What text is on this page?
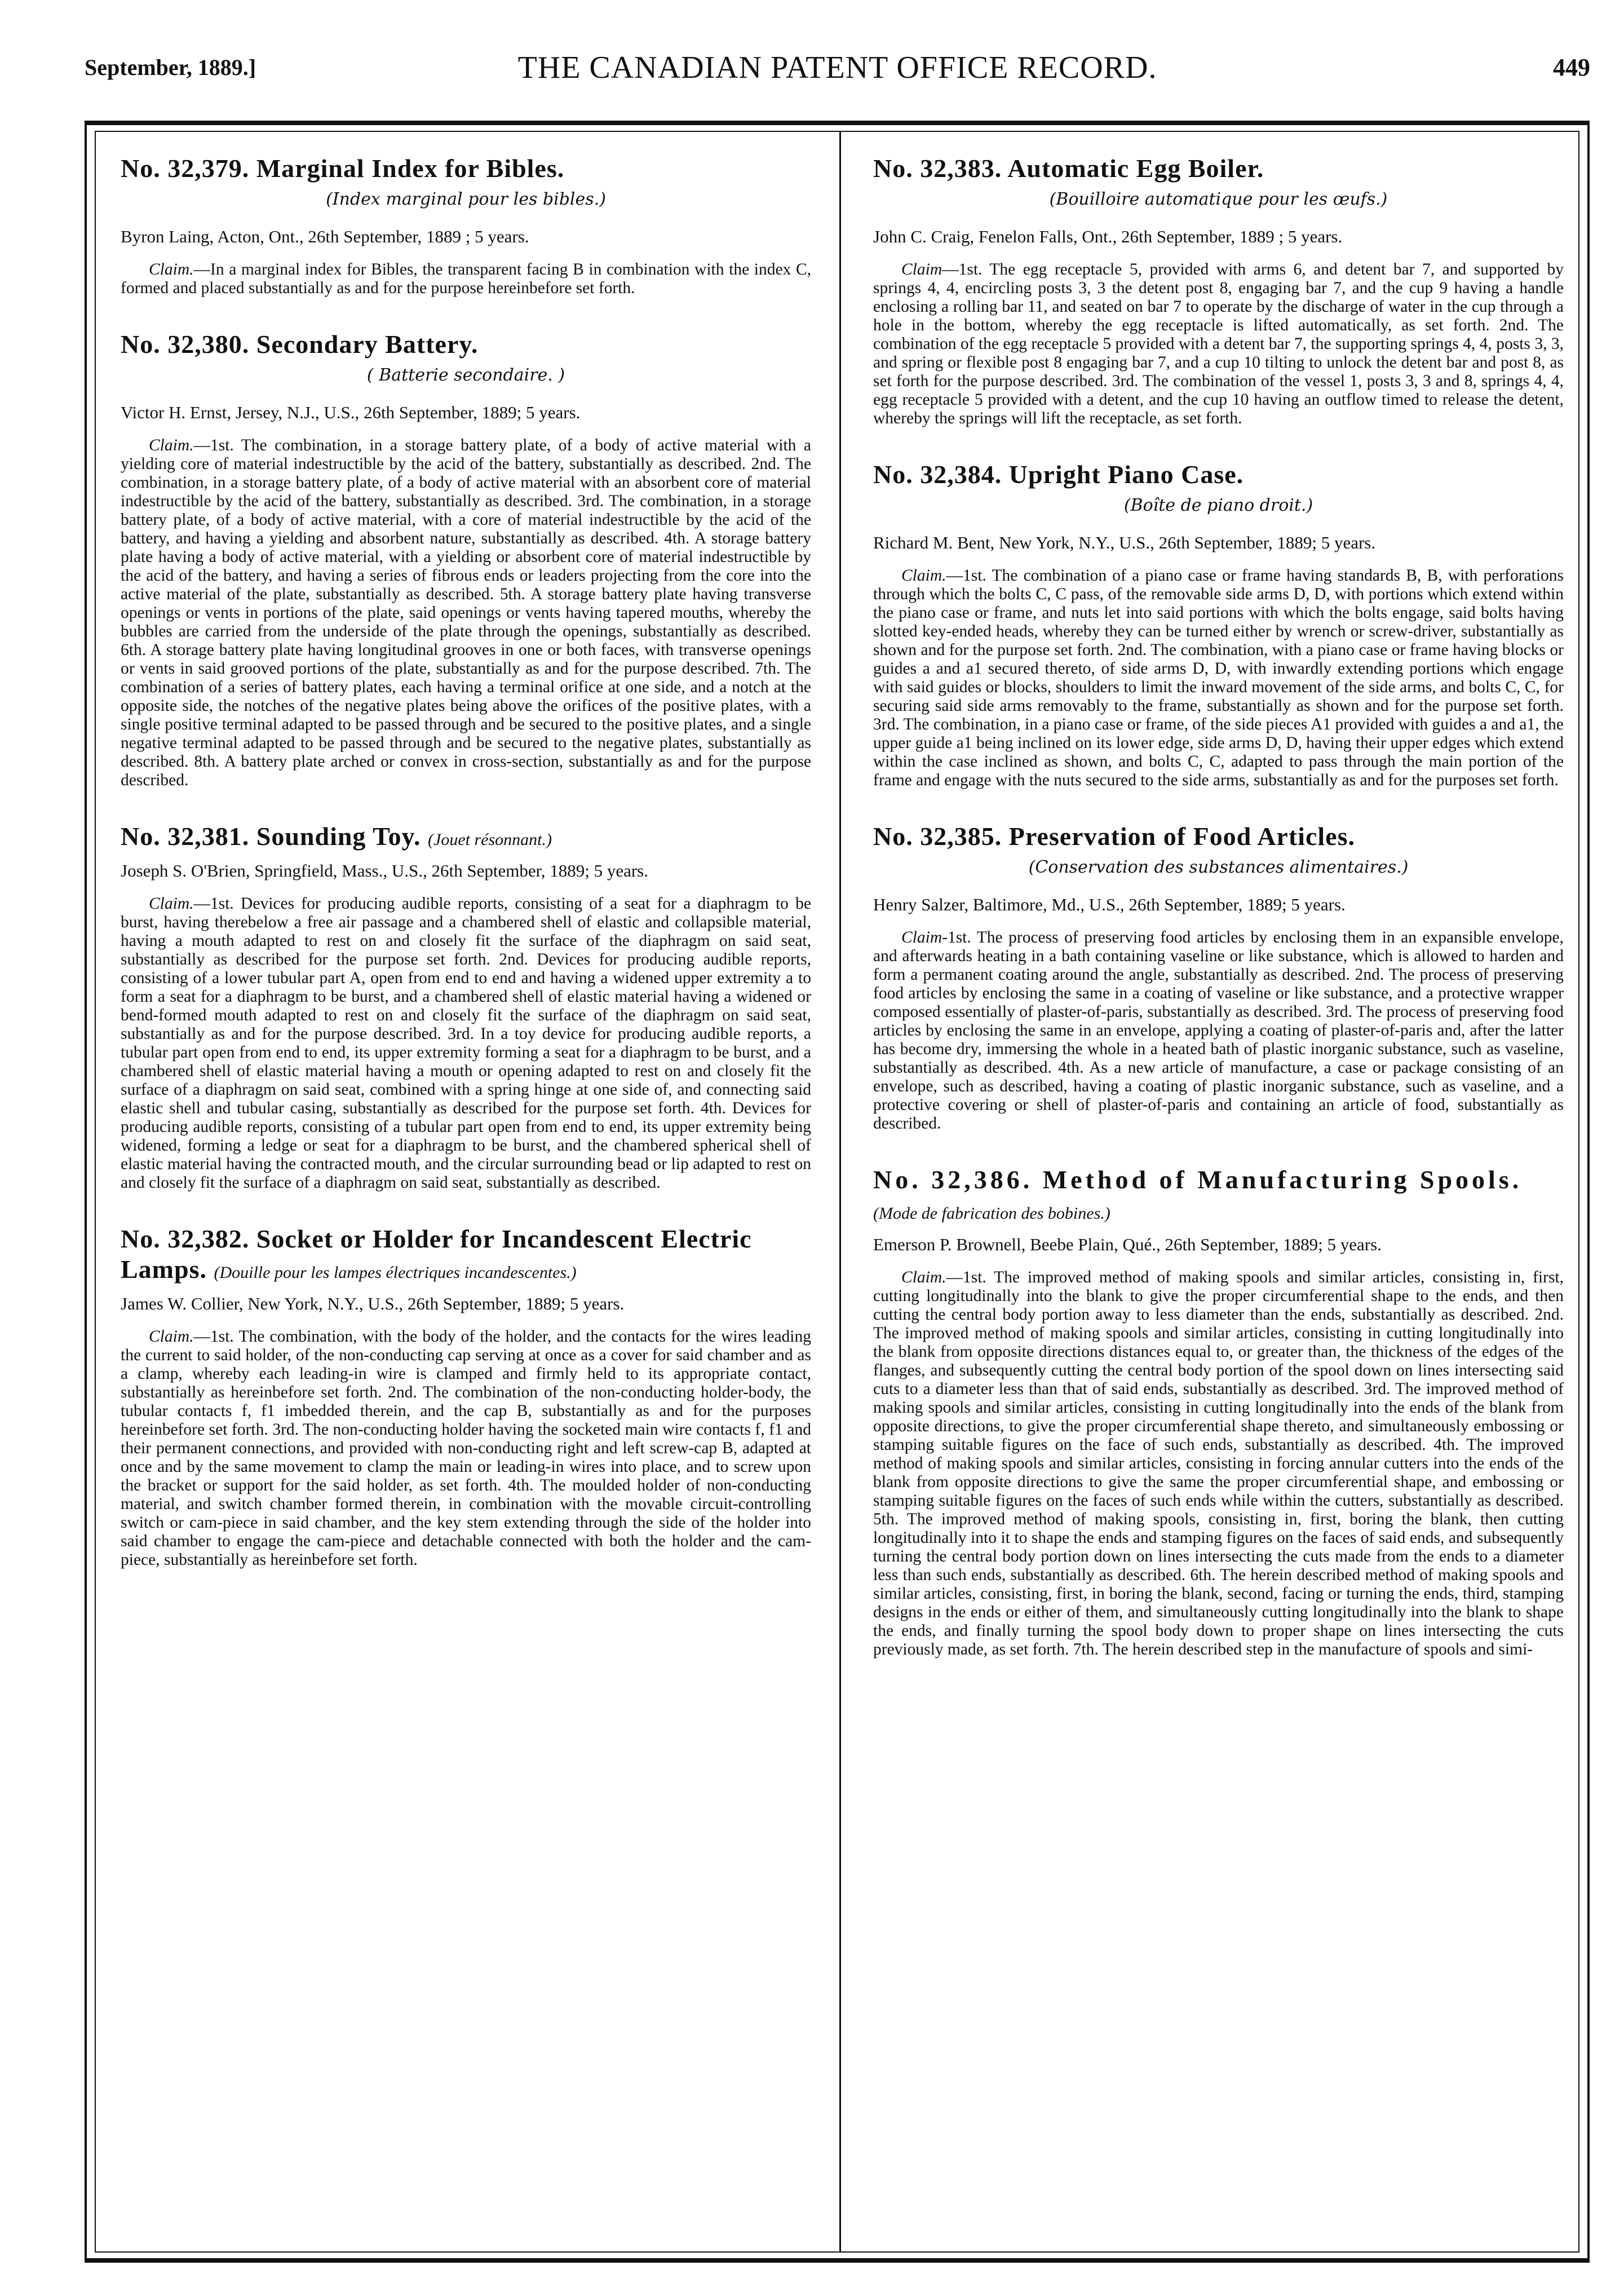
September, 1889.]	THE CANADIAN PATENT OFFICE RECORD.	449
No. 32,379. Marginal Index for Bibles.
(Index marginal pour les bibles.)
Byron Laing, Acton, Ont., 26th September, 1889 ; 5 years.

Claim.—In a marginal index for Bibles, the transparent facing B in combination with the index C, formed and placed substantially as and for the purpose hereinbefore set forth.

No. 32,380. Secondary Battery.
( Batterie secondaire. )
Victor H. Ernst, Jersey, N.J., U.S., 26th September, 1889; 5 years.

Claim.—1st. The combination, in a storage battery plate, of a body of active material with a yielding core of material indestructible by the acid of the battery, substantially as described. 2nd. The combination, in a storage battery plate, of a body of active material with an absorbent core of material indestructible by the acid of the battery, substantially as described. 3rd. The combination, in a storage battery plate, of a body of active material, with a core of material indestructible by the acid of the battery, and having a yielding and absorbent nature, substantially as described. 4th. A storage battery plate having a body of active material, with a yielding or absorbent core of material indestructible by the acid of the battery, and having a series of fibrous ends or leaders projecting from the core into the active material of the plate, substantially as described. 5th. A storage battery plate having transverse openings or vents in portions of the plate, said openings or vents having tapered mouths, whereby the bubbles are carried from the underside of the plate through the openings, substantially as described. 6th. A storage battery plate having longitudinal grooves in one or both faces, with transverse openings or vents in said grooved portions of the plate, substantially as and for the purpose described. 7th. The combination of a series of battery plates, each having a terminal orifice at one side, and a notch at the opposite side, the notches of the negative plates being above the orifices of the positive plates, with a single positive terminal adapted to be passed through and be secured to the positive plates, and a single negative terminal adapted to be passed through and be secured to the negative plates, substantially as described. 8th. A battery plate arched or convex in cross-section, substantially as and for the purpose described.

No. 32,381. Sounding Toy. (Jouet résonnant.)
Joseph S. O'Brien, Springfield, Mass., U.S., 26th September, 1889; 5 years.

Claim.—1st. Devices for producing audible reports, consisting of a seat for a diaphragm to be burst, having therebelow a free air passage and a chambered shell of elastic and collapsible material, having a mouth adapted to rest on and closely fit the surface of the diaphragm on said seat, substantially as described for the purpose set forth. 2nd. Devices for producing audible reports, consisting of a lower tubular part A, open from end to end and having a widened upper extremity a to form a seat for a diaphragm to be burst, and a chambered shell of elastic material having a widened or bend-formed mouth adapted to rest on and closely fit the surface of the diaphragm on said seat, substantially as and for the purpose described. 3rd. In a toy device for producing audible reports, a tubular part open from end to end, its upper extremity forming a seat for a diaphragm to be burst, and a chambered shell of elastic material having a mouth or opening adapted to rest on and closely fit the surface of a diaphragm on said seat, combined with a spring hinge at one side of, and connecting said elastic shell and tubular casing, substantially as described for the purpose set forth. 4th. Devices for producing audible reports, consisting of a tubular part open from end to end, its upper extremity being widened, forming a ledge or seat for a diaphragm to be burst, and the chambered spherical shell of elastic material having the contracted mouth, and the circular surrounding bead or lip adapted to rest on and closely fit the surface of a diaphragm on said seat, substantially as described.

No. 32,382. Socket or Holder for Incandescent Electric Lamps. (Douille pour les lampes électriques incandescentes.)
James W. Collier, New York, N.Y., U.S., 26th September, 1889; 5 years.

Claim.—1st. The combination, with the body of the holder, and the contacts for the wires leading the current to said holder, of the non-conducting cap serving at once as a cover for said chamber and as a clamp, whereby each leading-in wire is clamped and firmly held to its appropriate contact, substantially as hereinbefore set forth. 2nd. The combination of the non-conducting holder-body, the tubular contacts f, f1 imbedded therein, and the cap B, substantially as and for the purposes hereinbefore set forth. 3rd. The non-conducting holder having the socketed main wire contacts f, f1 and their permanent connections, and provided with non-conducting right and left screw-cap B, adapted at once and by the same movement to clamp the main or leading-in wires into place, and to screw upon the bracket or support for the said holder, as set forth. 4th. The moulded holder of non-conducting material, and switch chamber formed therein, in combination with the movable circuit-controlling switch or cam-piece in said chamber, and the key stem extending through the side of the holder into said chamber to engage the cam-piece and detachable connected with both the holder and the cam-piece, substantially as hereinbefore set forth.

No. 32,383. Automatic Egg Boiler.
(Bouilloire automatique pour les œufs.)
John C. Craig, Fenelon Falls, Ont., 26th September, 1889 ; 5 years.

Claim—1st. The egg receptacle 5, provided with arms 6, and detent bar 7, and supported by springs 4, 4, encircling posts 3, 3 the detent post 8, engaging bar 7, and the cup 9 having a handle enclosing a rolling bar 11, and seated on bar 7 to operate by the discharge of water in the cup through a hole in the bottom, whereby the egg receptacle is lifted automatically, as set forth. 2nd. The combination of the egg receptacle 5 provided with a detent bar 7, the supporting springs 4, 4, posts 3, 3, and spring or flexible post 8 engaging bar 7, and a cup 10 tilting to unlock the detent bar and post 8, as set forth for the purpose described. 3rd. The combination of the vessel 1, posts 3, 3 and 8, springs 4, 4, egg receptacle 5 provided with a detent, and the cup 10 having an outflow timed to release the detent, whereby the springs will lift the receptacle, as set forth.

No. 32,384. Upright Piano Case.
(Boîte de piano droit.)
Richard M. Bent, New York, N.Y., U.S., 26th September, 1889; 5 years.

Claim.—1st. The combination of a piano case or frame having standards B, B, with perforations through which the bolts C, C pass, of the removable side arms D, D, with portions which extend within the piano case or frame, and nuts let into said portions with which the bolts engage, said bolts having slotted key-ended heads, whereby they can be turned either by wrench or screw-driver, substantially as shown and for the purpose set forth. 2nd. The combination, with a piano case or frame having blocks or guides a and a1 secured thereto, of side arms D, D, with inwardly extending portions which engage with said guides or blocks, shoulders to limit the inward movement of the side arms, and bolts C, C, for securing said side arms removably to the frame, substantially as shown and for the purpose set forth. 3rd. The combination, in a piano case or frame, of the side pieces A1 provided with guides a and a1, the upper guide a1 being inclined on its lower edge, side arms D, D, having their upper edges which extend within the case inclined as shown, and bolts C, C, adapted to pass through the main portion of the frame and engage with the nuts secured to the side arms, substantially as and for the purposes set forth.

No. 32,385. Preservation of Food Articles.
(Conservation des substances alimentaires.)
Henry Salzer, Baltimore, Md., U.S., 26th September, 1889; 5 years.

Claim-1st. The process of preserving food articles by enclosing them in an expansible envelope, and afterwards heating in a bath containing vaseline or like substance, which is allowed to harden and form a permanent coating around the angle, substantially as described. 2nd. The process of preserving food articles by enclosing the same in a coating of vaseline or like substance, and a protective wrapper composed essentially of plaster-of-paris, substantially as described. 3rd. The process of preserving food articles by enclosing the same in an envelope, applying a coating of plaster-of-paris and, after the latter has become dry, immersing the whole in a heated bath of plastic inorganic substance, such as vaseline, substantially as described. 4th. As a new article of manufacture, a case or package consisting of an envelope, such as described, having a coating of plastic inorganic substance, such as vaseline, and a protective covering or shell of plaster-of-paris and containing an article of food, substantially as described.

No. 32,386. Method of Manufacturing Spools. (Mode de fabrication des bobines.)
Emerson P. Brownell, Beebe Plain, Qué., 26th September, 1889; 5 years.

Claim.—1st. The improved method of making spools and similar articles, consisting in, first, cutting longitudinally into the blank to give the proper circumferential shape to the ends, and then cutting the central body portion away to less diameter than the ends, substantially as described. 2nd. The improved method of making spools and similar articles, consisting in cutting longitudinally into the blank from opposite directions distances equal to, or greater than, the thickness of the edges of the flanges, and subsequently cutting the central body portion of the spool down on lines intersecting said cuts to a diameter less than that of said ends, substantially as described. 3rd. The improved method of making spools and similar articles, consisting in cutting longitudinally into the ends of the blank from opposite directions, to give the proper circumferential shape thereto, and simultaneously embossing or stamping suitable figures on the face of such ends, substantially as described. 4th. The improved method of making spools and similar articles, consisting in forcing annular cutters into the ends of the blank from opposite directions to give the same the proper circumferential shape, and embossing or stamping suitable figures on the faces of such ends while within the cutters, substantially as described. 5th. The improved method of making spools, consisting in, first, boring the blank, then cutting longitudinally into it to shape the ends and stamping figures on the faces of said ends, and subsequently turning the central body portion down on lines intersecting the cuts made from the ends to a diameter less than such ends, substantially as described. 6th. The herein described method of making spools and similar articles, consisting, first, in boring the blank, second, facing or turning the ends, third, stamping designs in the ends or either of them, and simultaneously cutting longitudinally into the blank to shape the ends, and finally turning the spool body down to proper shape on lines intersecting the cuts previously made, as set forth. 7th. The herein described step in the manufacture of spools and simi-
